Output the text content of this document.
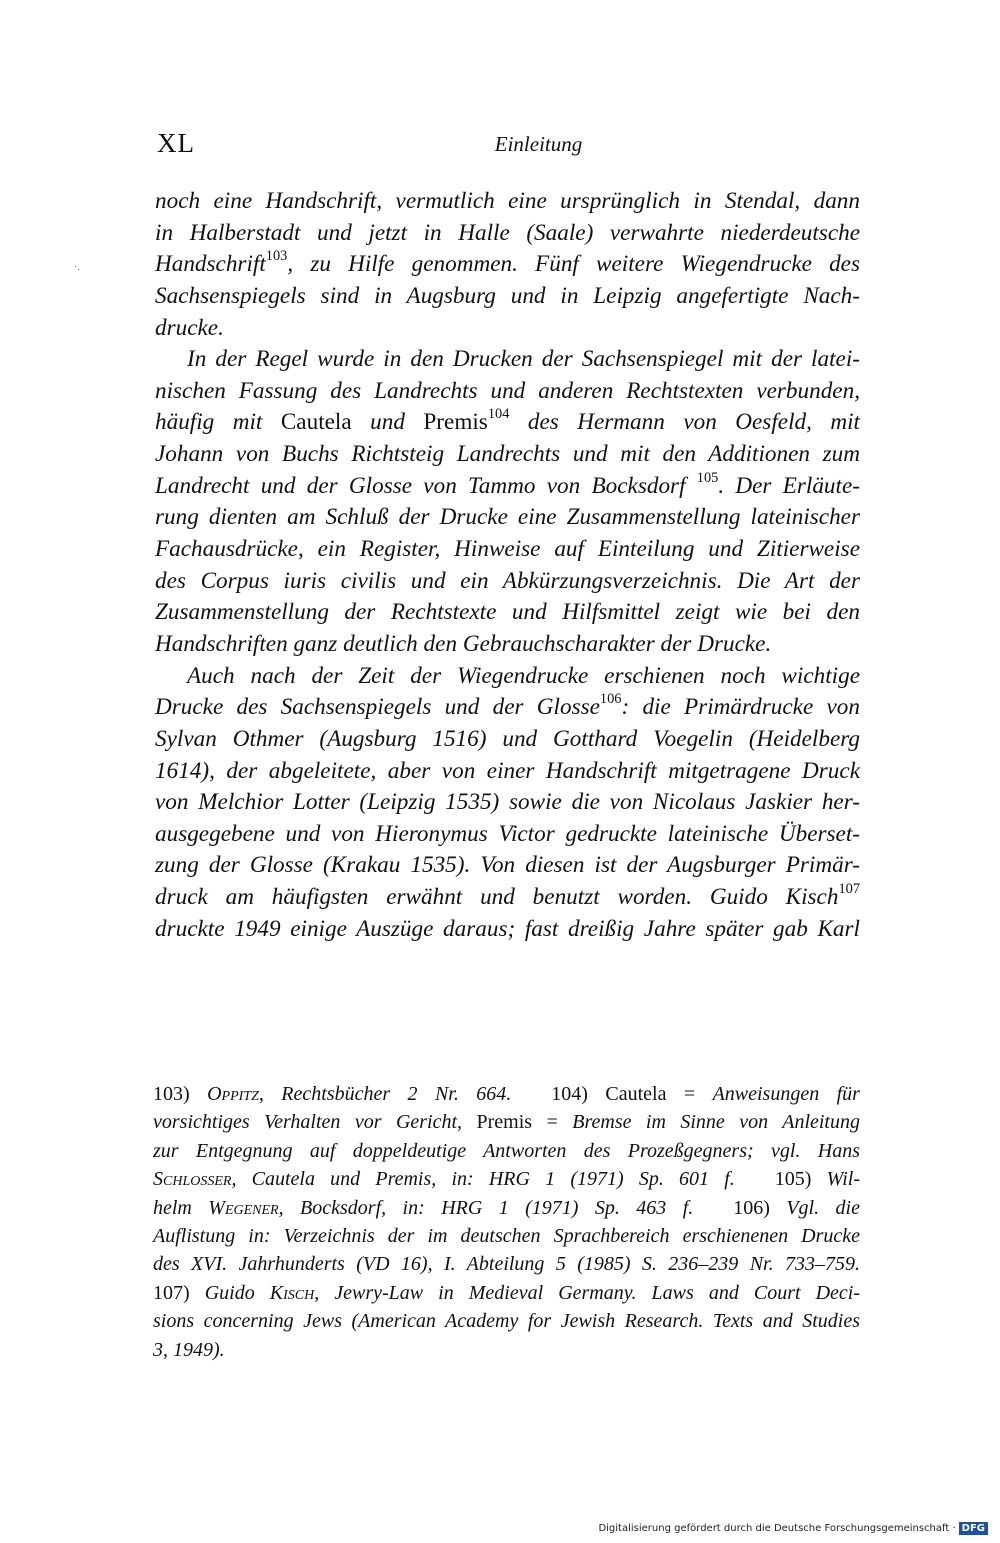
XL	Einleitung
·.
noch eine Handschrift, vermutlich eine ursprünglich in Stendal, dann
in Halberstadt und jetzt in Halle (Saale) verwahrte niederdeutsche
Handschrift$^{103}$, zu Hilfe genommen. Fünf weitere Wiegendrucke des
Sachsenspiegels sind in Augsburg und in Leipzig angefertigte Nach-
drucke.
In der Regel wurde in den Drucken der Sachsenspiegel mit der latei-
nischen Fassung des Landrechts und anderen Rechtstexten verbunden,
häufig mit Cautela und Premis$^{104}$ des Hermann von Oesfeld, mit
Johann von Buchs Richtsteig Landrechts und mit den Additionen zum
Landrecht und der Glosse von Tammo von Bocksdorf $^{105}$. Der Erläute-
rung dienten am Schluß der Drucke eine Zusammenstellung lateinischer
Fachausdrücke, ein Register, Hinweise auf Einteilung und Zitierweise
des Corpus iuris civilis und ein Abkürzungsverzeichnis. Die Art der
Zusammenstellung der Rechtstexte und Hilfsmittel zeigt wie bei den
Handschriften ganz deutlich den Gebrauchscharakter der Drucke.
Auch nach der Zeit der Wiegendrucke erschienen noch wichtige
Drucke des Sachsenspiegels und der Glosse$^{106}$: die Primärdrucke von
Sylvan Othmer (Augsburg 1516) und Gotthard Voegelin (Heidelberg
1614), der abgeleitete, aber von einer Handschrift mitgetragene Druck
von Melchior Lotter (Leipzig 1535) sowie die von Nicolaus Jaskier her-
ausgegebene und von Hieronymus Victor gedruckte lateinische Überset-
zung der Glosse (Krakau 1535). Von diesen ist der Augsburger Primär-
druck am häufigsten erwähnt und benutzt worden. Guido Kisch$^{107}$
druckte 1949 einige Auszüge daraus; fast dreißig Jahre später gab Karl
103) Oppitz, Rechtsbücher 2 Nr. 664. 104) Cautela = Anweisungen für
vorsichtiges Verhalten vor Gericht, Premis = Bremse im Sinne von Anleitung
zur Entgegnung auf doppeldeutige Antworten des Prozeßgegners; vgl. Hans
Schlosser, Cautela und Premis, in: HRG 1 (1971) Sp. 601 f. 105) Wil-
helm Wegener, Bocksdorf, in: HRG 1 (1971) Sp. 463 f. 106) Vgl. die
Auflistung in: Verzeichnis der im deutschen Sprachbereich erschienenen Drucke
des XVI. Jahrhunderts (VD 16), I. Abteilung 5 (1985) S. 236–239 Nr. 733–759.
107) Guido Kisch, Jewry-Law in Medieval Germany. Laws and Court Deci-
sions concerning Jews (American Academy for Jewish Research. Texts and Studies
3, 1949).
Digitalisierung gefördert durch die Deutsche Forschungsgemeinschaft · DFG
